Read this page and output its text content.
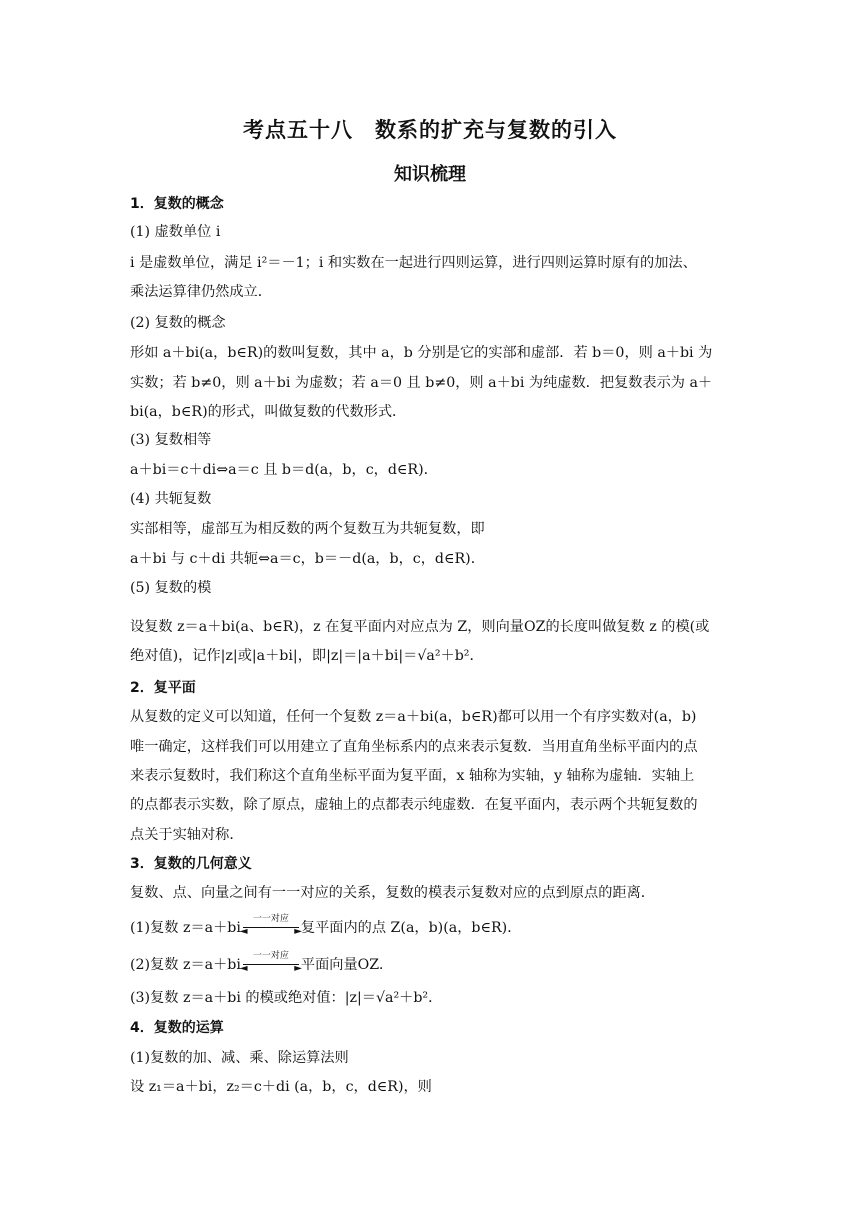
考点五十八　数系的扩充与复数的引入
知识梳理
1．复数的概念
(1) 虚数单位 i
i 是虚数单位，满足 i²＝－1；i 和实数在一起进行四则运算，进行四则运算时原有的加法、
乘法运算律仍然成立．
(2) 复数的概念
形如 a＋bi(a，b∈R)的数叫复数，其中 a，b 分别是它的实部和虚部．若 b＝0，则 a＋bi 为
实数；若 b≠0，则 a＋bi 为虚数；若 a＝0 且 b≠0，则 a＋bi 为纯虚数．把复数表示为 a＋
bi(a，b∈R)的形式，叫做复数的代数形式．
(3) 复数相等
a＋bi＝c＋di⇔a＝c 且 b＝d(a，b，c，d∈R)．
(4) 共轭复数
实部相等，虚部互为相反数的两个复数互为共轭复数，即
a＋bi 与 c＋di 共轭⇔a＝c，b＝－d(a，b，c，d∈R)．
(5) 复数的模
设复数 z＝a＋bi(a、b∈R)，z 在复平面内对应点为 Z，则向量OZ的长度叫做复数 z 的模(或
绝对值)，记作|z|或|a＋bi|，即|z|＝|a＋bi|＝√a²＋b²．
2．复平面
从复数的定义可以知道，任何一个复数 z＝a＋bi(a，b∈R)都可以用一个有序实数对(a，b)
唯一确定，这样我们可以用建立了直角坐标系内的点来表示复数．当用直角坐标平面内的点
来表示复数时，我们称这个直角坐标平面为复平面，x 轴称为实轴，y 轴称为虚轴．实轴上
的点都表示实数，除了原点，虚轴上的点都表示纯虚数．在复平面内，表示两个共轭复数的
点关于实轴对称．
3．复数的几何意义
复数、点、向量之间有一一对应的关系，复数的模表示复数对应的点到原点的距离．
(1)复数 z＝a＋bi
一一对应
◄	► 复平面内的点 Z(a，b)(a，b∈R)．
(2)复数 z＝a＋bi
一一对应
◄	► 平面向量OZ.
(3)复数 z＝a＋bi 的模或绝对值：|z|＝√a²＋b²．
4．复数的运算
(1)复数的加、减、乘、除运算法则
设 z₁＝a＋bi，z₂＝c＋di (a，b，c，d∈R)，则
